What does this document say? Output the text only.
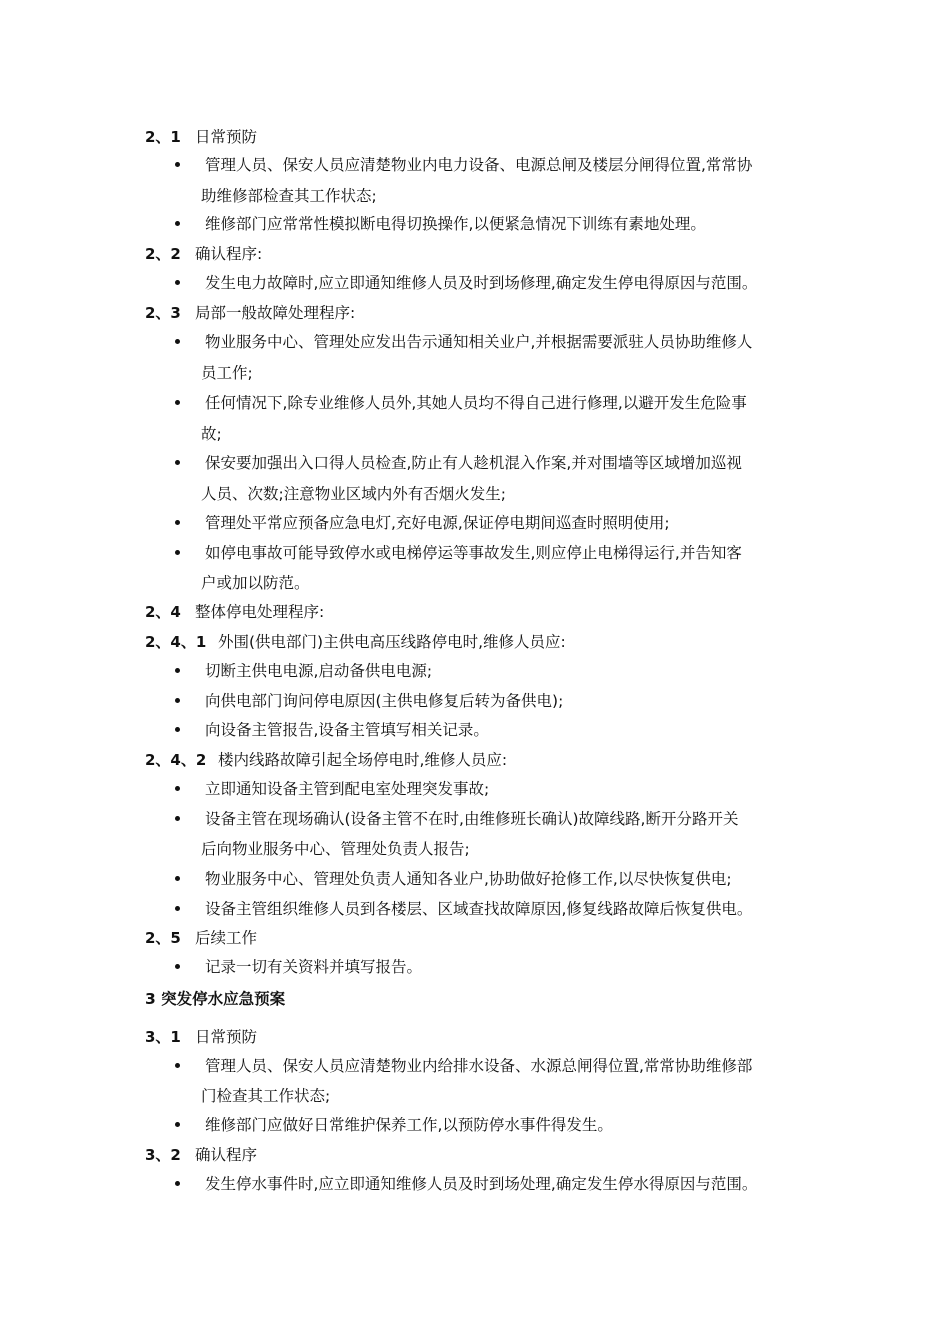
2、1 日常预防
管理人员、保安人员应清楚物业内电力设备、电源总闸及楼层分闸得位置,常常协
助维修部检查其工作状态;
维修部门应常常性模拟断电得切换操作,以便紧急情况下训练有素地处理。
2、2 确认程序:
发生电力故障时,应立即通知维修人员及时到场修理,确定发生停电得原因与范围。
2、3 局部一般故障处理程序:
物业服务中心、管理处应发出告示通知相关业户,并根据需要派驻人员协助维修人
员工作;
任何情况下,除专业维修人员外,其她人员均不得自己进行修理,以避开发生危险事
故;
保安要加强出入口得人员检查,防止有人趁机混入作案,并对围墙等区域增加巡视
人员、次数;注意物业区域内外有否烟火发生;
管理处平常应预备应急电灯,充好电源,保证停电期间巡查时照明使用;
如停电事故可能导致停水或电梯停运等事故发生,则应停止电梯得运行,并告知客
户或加以防范。
2、4 整体停电处理程序:
2、4、1 外围(供电部门)主供电高压线路停电时,维修人员应:
切断主供电电源,启动备供电电源;
向供电部门询问停电原因(主供电修复后转为备供电);
向设备主管报告,设备主管填写相关记录。
2、4、2 楼内线路故障引起全场停电时,维修人员应:
立即通知设备主管到配电室处理突发事故;
设备主管在现场确认(设备主管不在时,由维修班长确认)故障线路,断开分路开关
后向物业服务中心、管理处负责人报告;
物业服务中心、管理处负责人通知各业户,协助做好抢修工作,以尽快恢复供电;
设备主管组织维修人员到各楼层、区域查找故障原因,修复线路故障后恢复供电。
2、5 后续工作
记录一切有关资料并填写报告。
3 突发停水应急预案
3、1 日常预防
管理人员、保安人员应清楚物业内给排水设备、水源总闸得位置,常常协助维修部
门检查其工作状态;
维修部门应做好日常维护保养工作,以预防停水事件得发生。
3、2 确认程序
发生停水事件时,应立即通知维修人员及时到场处理,确定发生停水得原因与范围。
